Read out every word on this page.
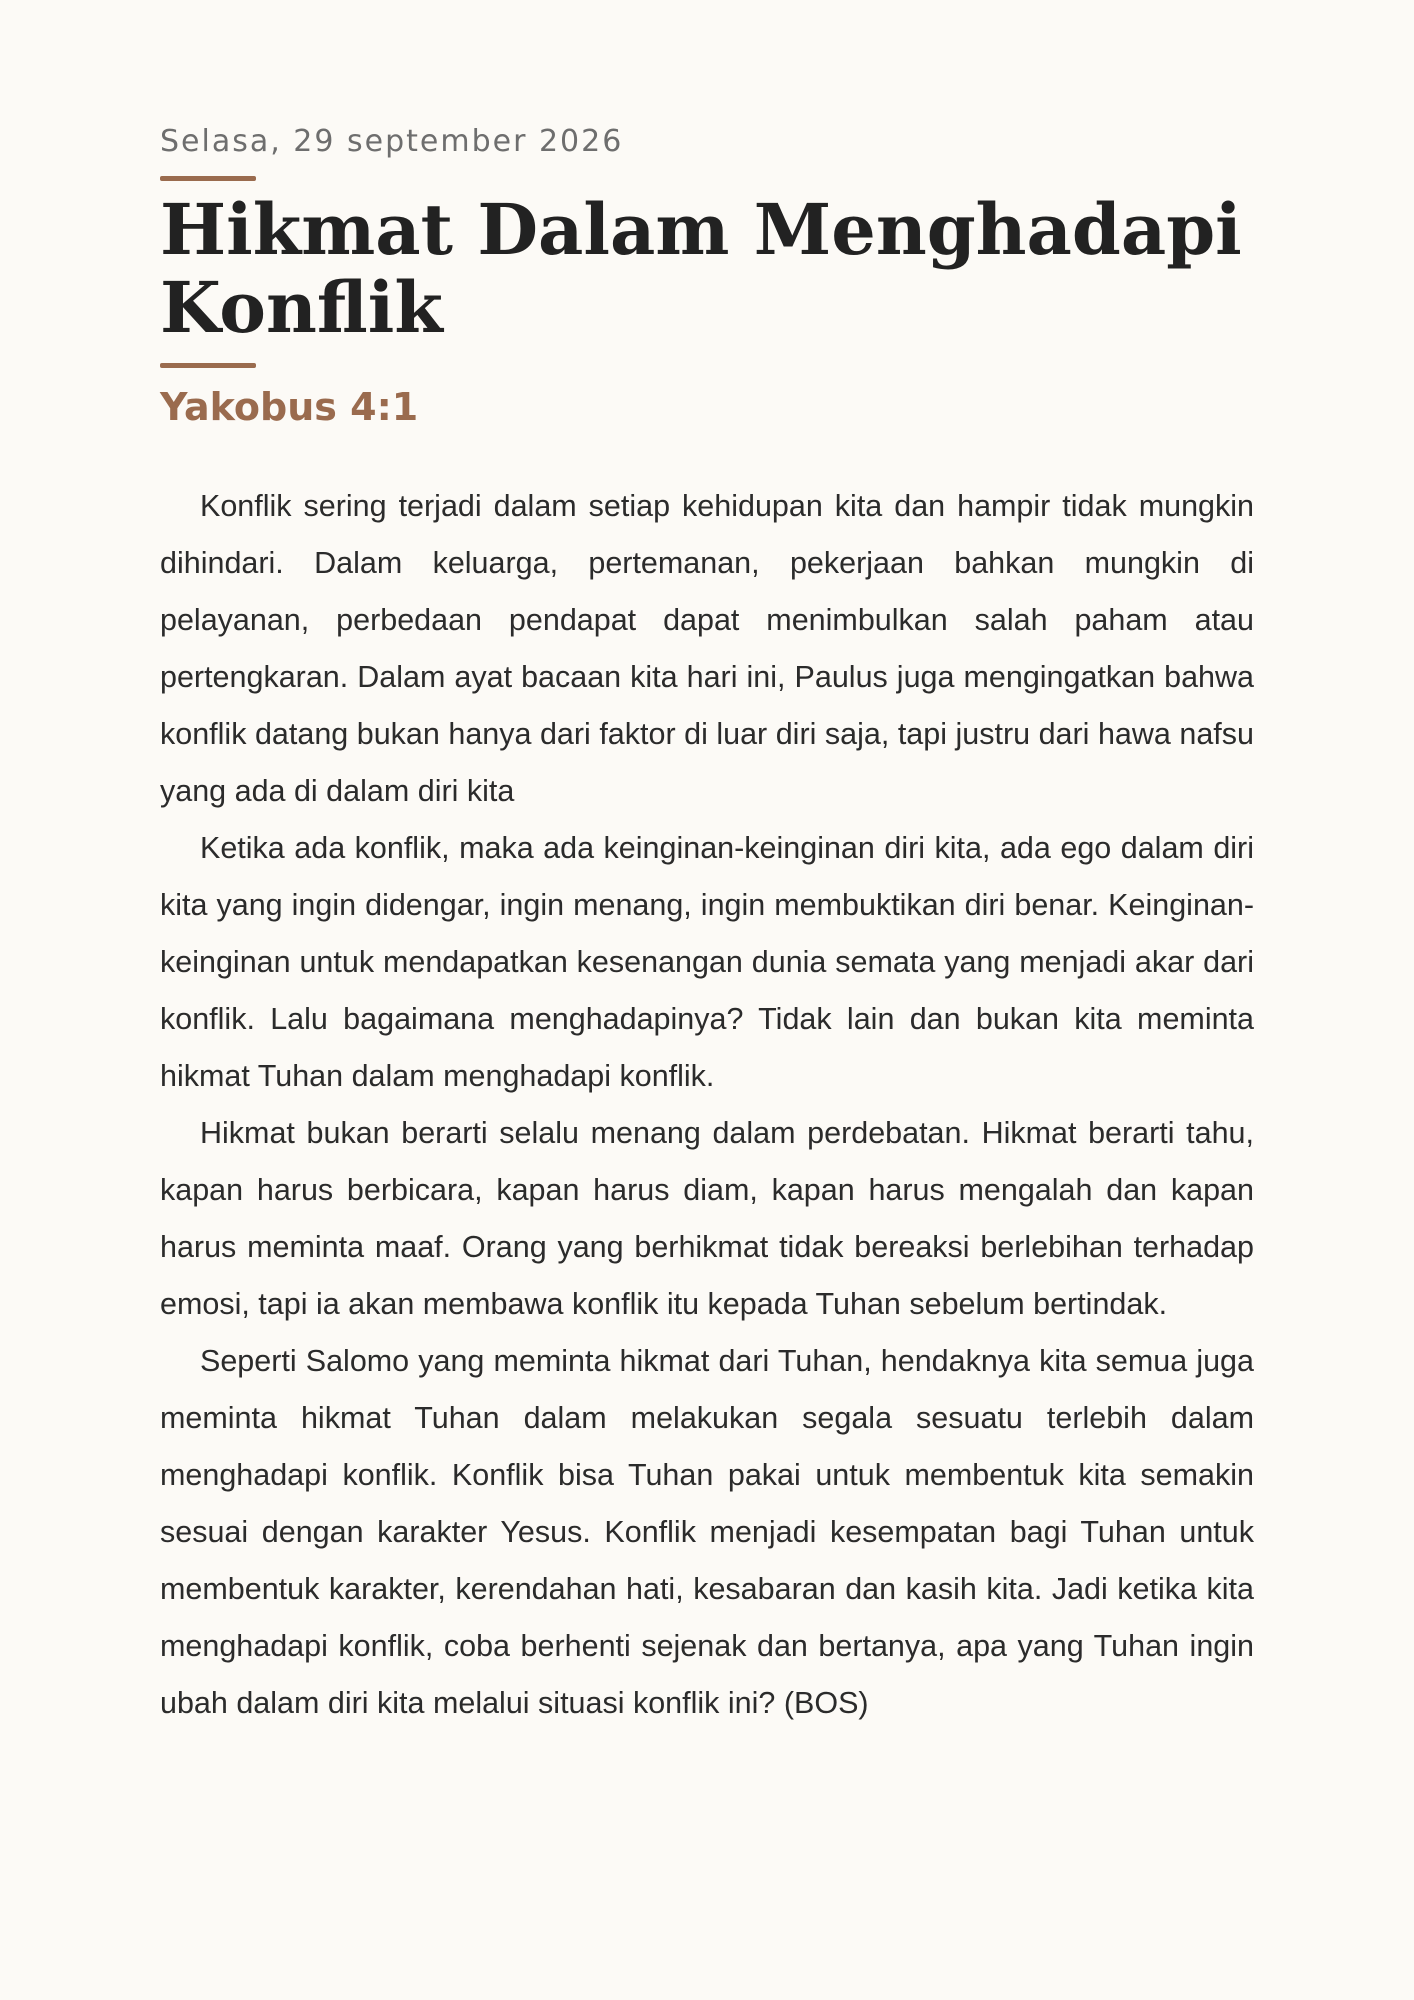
Selasa, 29 september 2026
Hikmat Dalam Menghadapi Konflik
Yakobus 4:1

Konflik sering terjadi dalam setiap kehidupan kita dan hampir tidak mungkin dihindari. Dalam keluarga, pertemanan, pekerjaan bahkan mungkin di pelayanan, perbedaan pendapat dapat menimbulkan salah paham atau pertengkaran. Dalam ayat bacaan kita hari ini, Paulus juga mengingatkan bahwa konflik datang bukan hanya dari faktor di luar diri saja, tapi justru dari hawa nafsu yang ada di dalam diri kita

Ketika ada konflik, maka ada keinginan-keinginan diri kita, ada ego dalam diri kita yang ingin didengar, ingin menang, ingin membuktikan diri benar. Keinginan-keinginan untuk mendapatkan kesenangan dunia semata yang menjadi akar dari konflik. Lalu bagaimana menghadapinya? Tidak lain dan bukan kita meminta hikmat Tuhan dalam menghadapi konflik.

Hikmat bukan berarti selalu menang dalam perdebatan. Hikmat berarti tahu, kapan harus berbicara, kapan harus diam, kapan harus mengalah dan kapan harus meminta maaf. Orang yang berhikmat tidak bereaksi berlebihan terhadap emosi, tapi ia akan membawa konflik itu kepada Tuhan sebelum bertindak.

Seperti Salomo yang meminta hikmat dari Tuhan, hendaknya kita semua juga meminta hikmat Tuhan dalam melakukan segala sesuatu terlebih dalam menghadapi konflik. Konflik bisa Tuhan pakai untuk membentuk kita semakin sesuai dengan karakter Yesus. Konflik menjadi kesempatan bagi Tuhan untuk membentuk karakter, kerendahan hati, kesabaran dan kasih kita. Jadi ketika kita menghadapi konflik, coba berhenti sejenak dan bertanya, apa yang Tuhan ingin ubah dalam diri kita melalui situasi konflik ini? (BOS)
